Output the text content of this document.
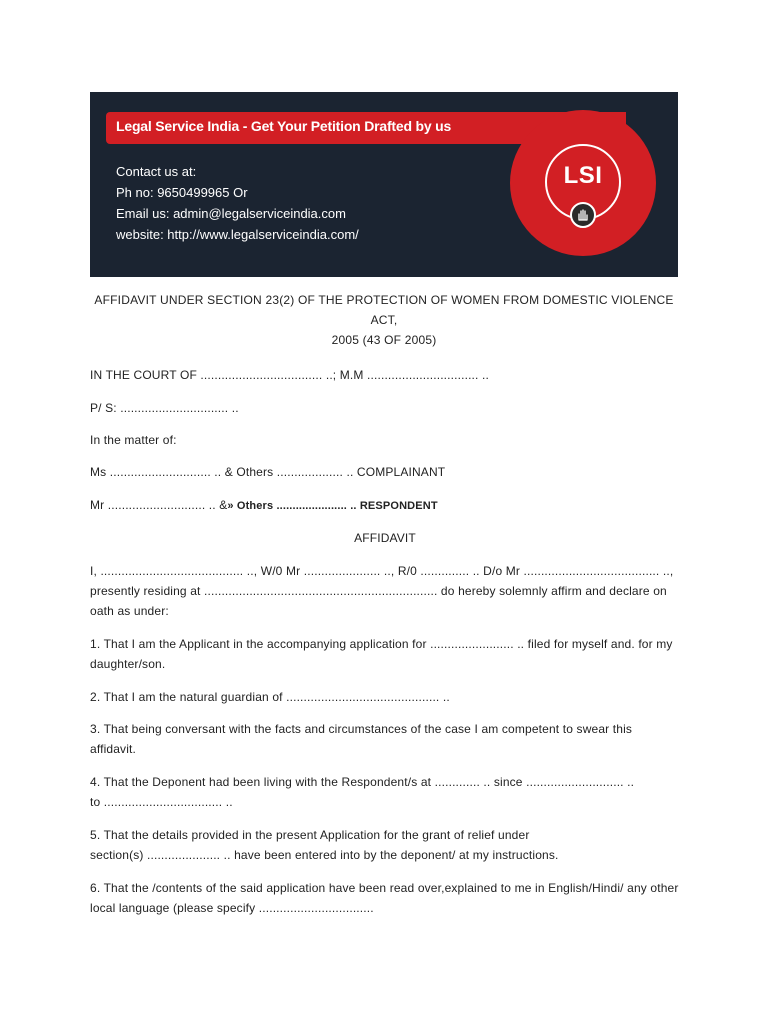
Legal Service India - Get Your Petition Drafted by us
Contact us at:
Ph no: 9650499965 Or
Email us: admin@legalserviceindia.com
website: http://www.legalserviceindia.com/
LSI
AFFIDAVIT UNDER SECTION 23(2) OF THE PROTECTION OF WOMEN FROM DOMESTIC VIOLENCE ACT,
2005 (43 OF 2005)
IN THE COURT OF ................................... ..; M.M ................................ ..
P/ S: ............................... ..
In the matter of:
Ms ............................. .. & Others ................... .. COMPLAINANT
Mr ............................ .. &» Others ...................... .. RESPONDENT
AFFIDAVIT
I, ......................................... .., W/0 Mr ...................... .., R/0 .............. .. D/o Mr ....................................... .., presently residing at ................................................................... do hereby solemnly affirm and declare on oath as under:
1. That I am the Applicant in the accompanying application for ........................ .. filed for myself and. for my daughter/son.
2. That I am the natural guardian of ............................................ ..
3. That being conversant with the facts and circumstances of the case I am competent to swear this affidavit.
4. That the Deponent had been living with the Respondent/s at ............. .. since ............................ ..
to .................................. ..
5. That the details provided in the present Application for the grant of relief under
section(s) ..................... .. have been entered into by the deponent/ at my instructions.
6. That the /contents of the said application have been read over,explained to me in English/Hindi/ any other local language (please specify .................................
